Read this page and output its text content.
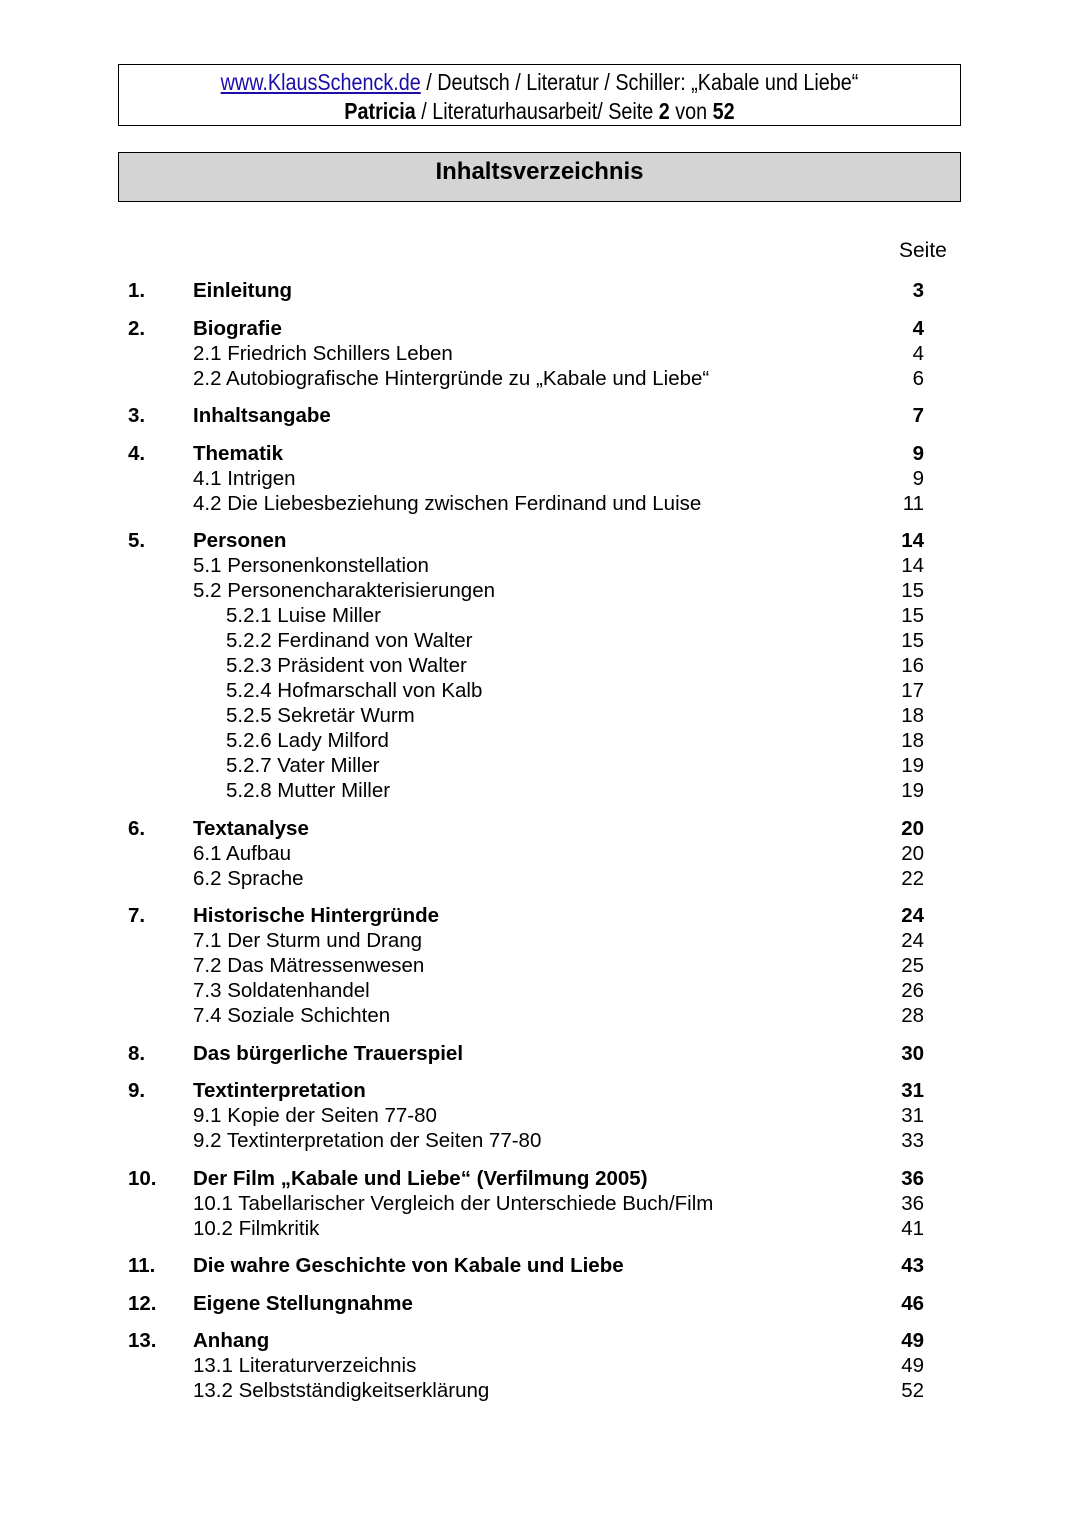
www.KlausSchenck.de / Deutsch / Literatur / Schiller: „Kabale und Liebe“
Patricia / Literaturhausarbeit/ Seite 2 von 52
Inhaltsverzeichnis
Seite
1. Einleitung	3
2. Biografie	4
2.1 Friedrich Schillers Leben	4
2.2 Autobiografische Hintergründe zu „Kabale und Liebe“	6
3. Inhaltsangabe	7
4. Thematik	9
4.1 Intrigen	9
4.2 Die Liebesbeziehung zwischen Ferdinand und Luise	11
5. Personen	14
5.1 Personenkonstellation	14
5.2 Personencharakterisierungen	15
5.2.1 Luise Miller	15
5.2.2 Ferdinand von Walter	15
5.2.3 Präsident von Walter	16
5.2.4 Hofmarschall von Kalb	17
5.2.5 Sekretär Wurm	18
5.2.6 Lady Milford	18
5.2.7 Vater Miller	19
5.2.8 Mutter Miller	19
6. Textanalyse	20
6.1 Aufbau	20
6.2 Sprache	22
7. Historische Hintergründe	24
7.1 Der Sturm und Drang	24
7.2 Das Mätressenwesen	25
7.3 Soldatenhandel	26
7.4 Soziale Schichten	28
8. Das bürgerliche Trauerspiel	30
9. Textinterpretation	31
9.1 Kopie der Seiten 77-80	31
9.2 Textinterpretation der Seiten 77-80	33
10. Der Film „Kabale und Liebe“ (Verfilmung 2005)	36
10.1 Tabellarischer Vergleich der Unterschiede Buch/Film	36
10.2 Filmkritik	41
11. Die wahre Geschichte von Kabale und Liebe	43
12. Eigene Stellungnahme	46
13. Anhang	49
13.1 Literaturverzeichnis	49
13.2 Selbstständigkeitserklärung	52
